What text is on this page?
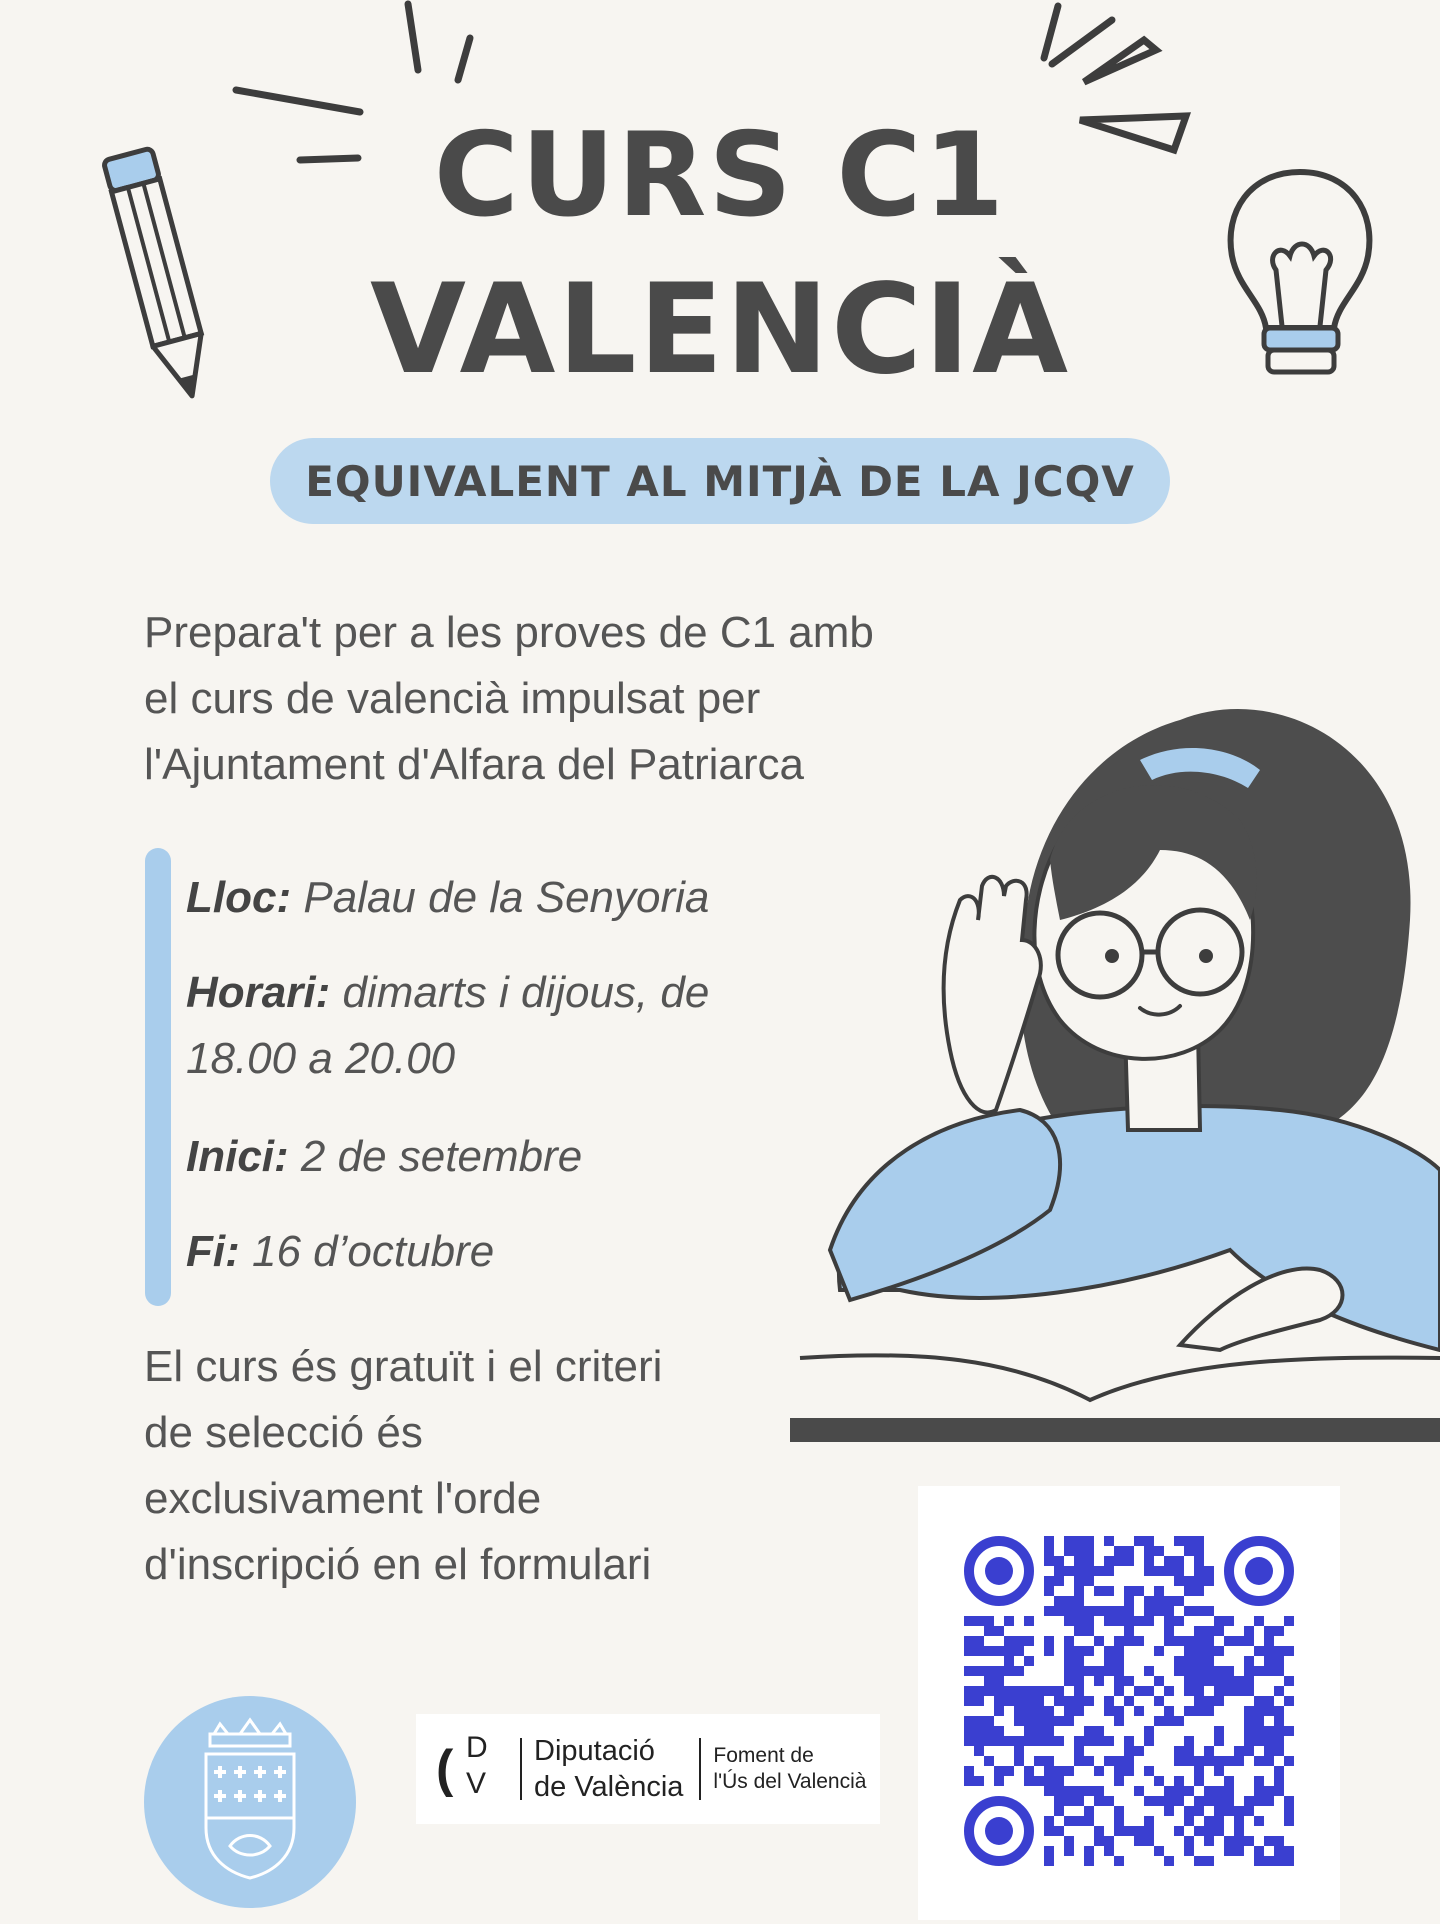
CURS C1
VALENCIÀ
EQUIVALENT AL MITJÀ DE LA JCQV
Prepara't per a les proves de C1 amb
el curs de valencià impulsat per
l'Ajuntament d'Alfara del Patriarca
Lloc: Palau de la Senyoria
Horari: dimarts i dijous, de
18.00 a 20.00
Inici: 2 de setembre
Fi: 16 d’octubre
El curs és gratuït i el criteri
de selecció és
exclusivament l'orde
d'inscripció en el formulari
( D
V
Diputació
de València
Foment de
l'Ús del Valencià
